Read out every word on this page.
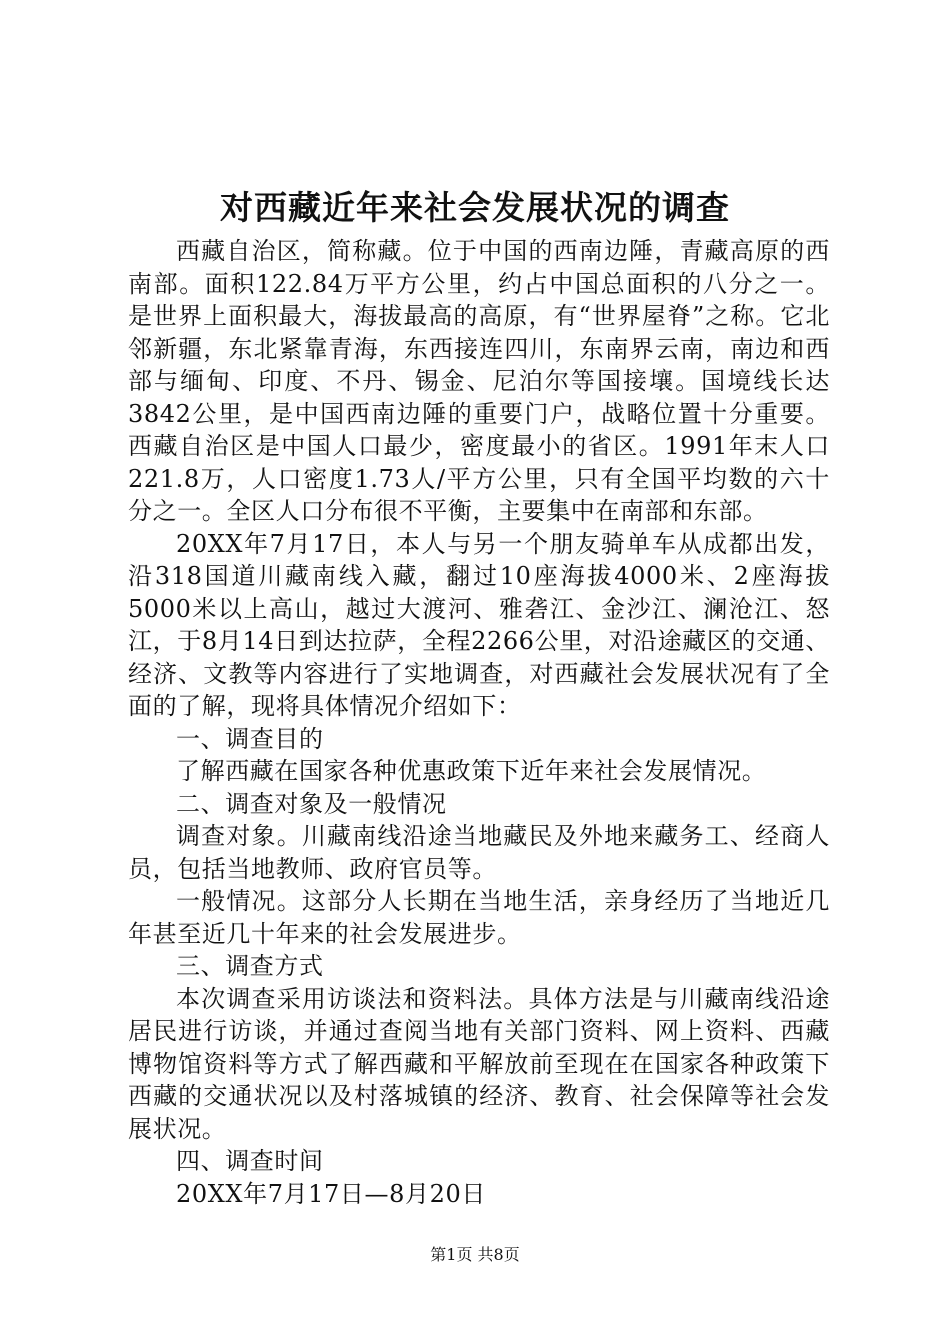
对西藏近年来社会发展状况的调查

西藏自治区，简称藏。位于中国的西南边陲，青藏高原的西南部。面积122.84万平方公里，约占中国总面积的八分之一。是世界上面积最大，海拔最高的高原，有“世界屋脊”之称。它北邻新疆，东北紧靠青海，东西接连四川，东南界云南，南边和西部与缅甸、印度、不丹、锡金、尼泊尔等国接壤。国境线长达3842公里，是中国西南边陲的重要门户，战略位置十分重要。西藏自治区是中国人口最少，密度最小的省区。1991年末人口221.8万，人口密度1.73人/平方公里，只有全国平均数的六十分之一。全区人口分布很不平衡，主要集中在南部和东部。

20XX年7月17日，本人与另一个朋友骑单车从成都出发，沿318国道川藏南线入藏，翻过10座海拔4000米、2座海拔5000米以上高山，越过大渡河、雅砻江、金沙江、澜沧江、怒江，于8月14日到达拉萨，全程2266公里，对沿途藏区的交通、经济、文教等内容进行了实地调查，对西藏社会发展状况有了全面的了解，现将具体情况介绍如下：

一、调查目的

了解西藏在国家各种优惠政策下近年来社会发展情况。

二、调查对象及一般情况

调查对象。川藏南线沿途当地藏民及外地来藏务工、经商人员，包括当地教师、政府官员等。

一般情况。这部分人长期在当地生活，亲身经历了当地近几年甚至近几十年来的社会发展进步。

三、调查方式

本次调查采用访谈法和资料法。具体方法是与川藏南线沿途居民进行访谈，并通过查阅当地有关部门资料、网上资料、西藏博物馆资料等方式了解西藏和平解放前至现在在国家各种政策下西藏的交通状况以及村落城镇的经济、教育、社会保障等社会发展状况。

四、调查时间

20XX年7月17日—8月20日

第1页 共8页
